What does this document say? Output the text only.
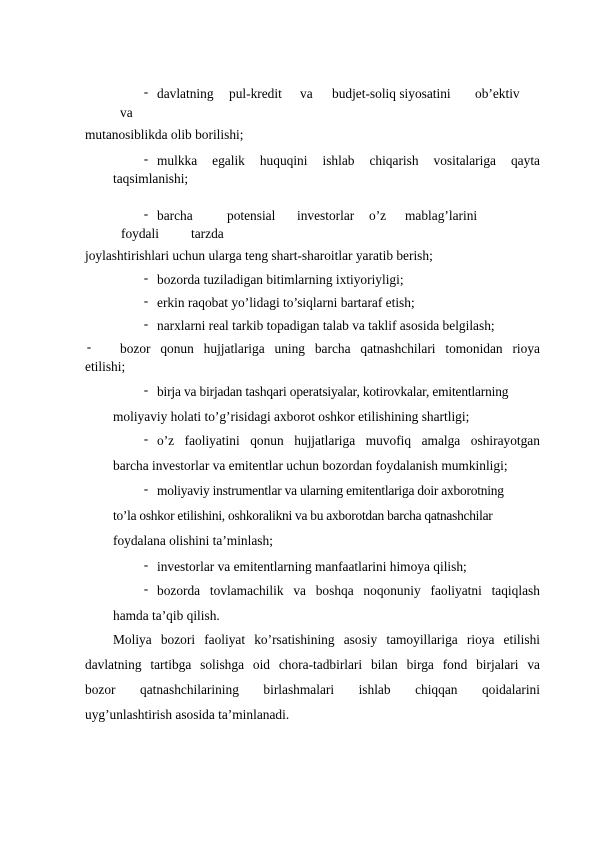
- davlatning pul-kredit va budjet-soliq siyosatini ob’ektiv
va
mutanosiblikda olib borilishi;
- mulkka egalik huquqini ishlab chiqarish vositalariga qayta
taqsimlanishi;
- barcha	potensial investorlar o’z mablag’larini
foydali tarzda
joylashtirishlari uchun ularga teng shart-sharoitlar yaratib berish;
- bozorda tuziladigan bitimlarning ixtiyoriyligi;
- erkin raqobat yo’lidagi to’siqlarni bartaraf etish;
- narxlarni real tarkib topadigan talab va taklif asosida belgilash;
- bozor qonun hujjatlariga uning barcha qatnashchilari tomonidan rioya
etilishi;
- birja va birjadan tashqari operatsiyalar, kotirovkalar, emitentlarning
moliyaviy holati to’g’risidagi axborot oshkor etilishining shartligi;
- o’z faoliyatini qonun hujjatlariga muvofiq amalga oshirayotgan
barcha investorlar va emitentlar uchun bozordan foydalanish mumkinligi;
- moliyaviy instrumentlar va ularning emitentlariga doir axborotning
to’la oshkor etilishini, oshkoralikni va bu axborotdan barcha qatnashchilar
foydalana olishini ta’minlash;
- investorlar va emitentlarning manfaatlarini himoya qilish;
- bozorda tovlamachilik va boshqa noqonuniy faoliyatni taqiqlash
hamda ta’qib qilish.
Moliya bozori faoliyat ko’rsatishining asosiy tamoyillariga rioya etilishi
davlatning tartibga solishga oid chora-tadbirlari bilan birga fond birjalari va
bozor qatnashchilarining birlashmalari ishlab chiqqan qoidalarini
uyg’unlashtirish asosida ta’minlanadi.
